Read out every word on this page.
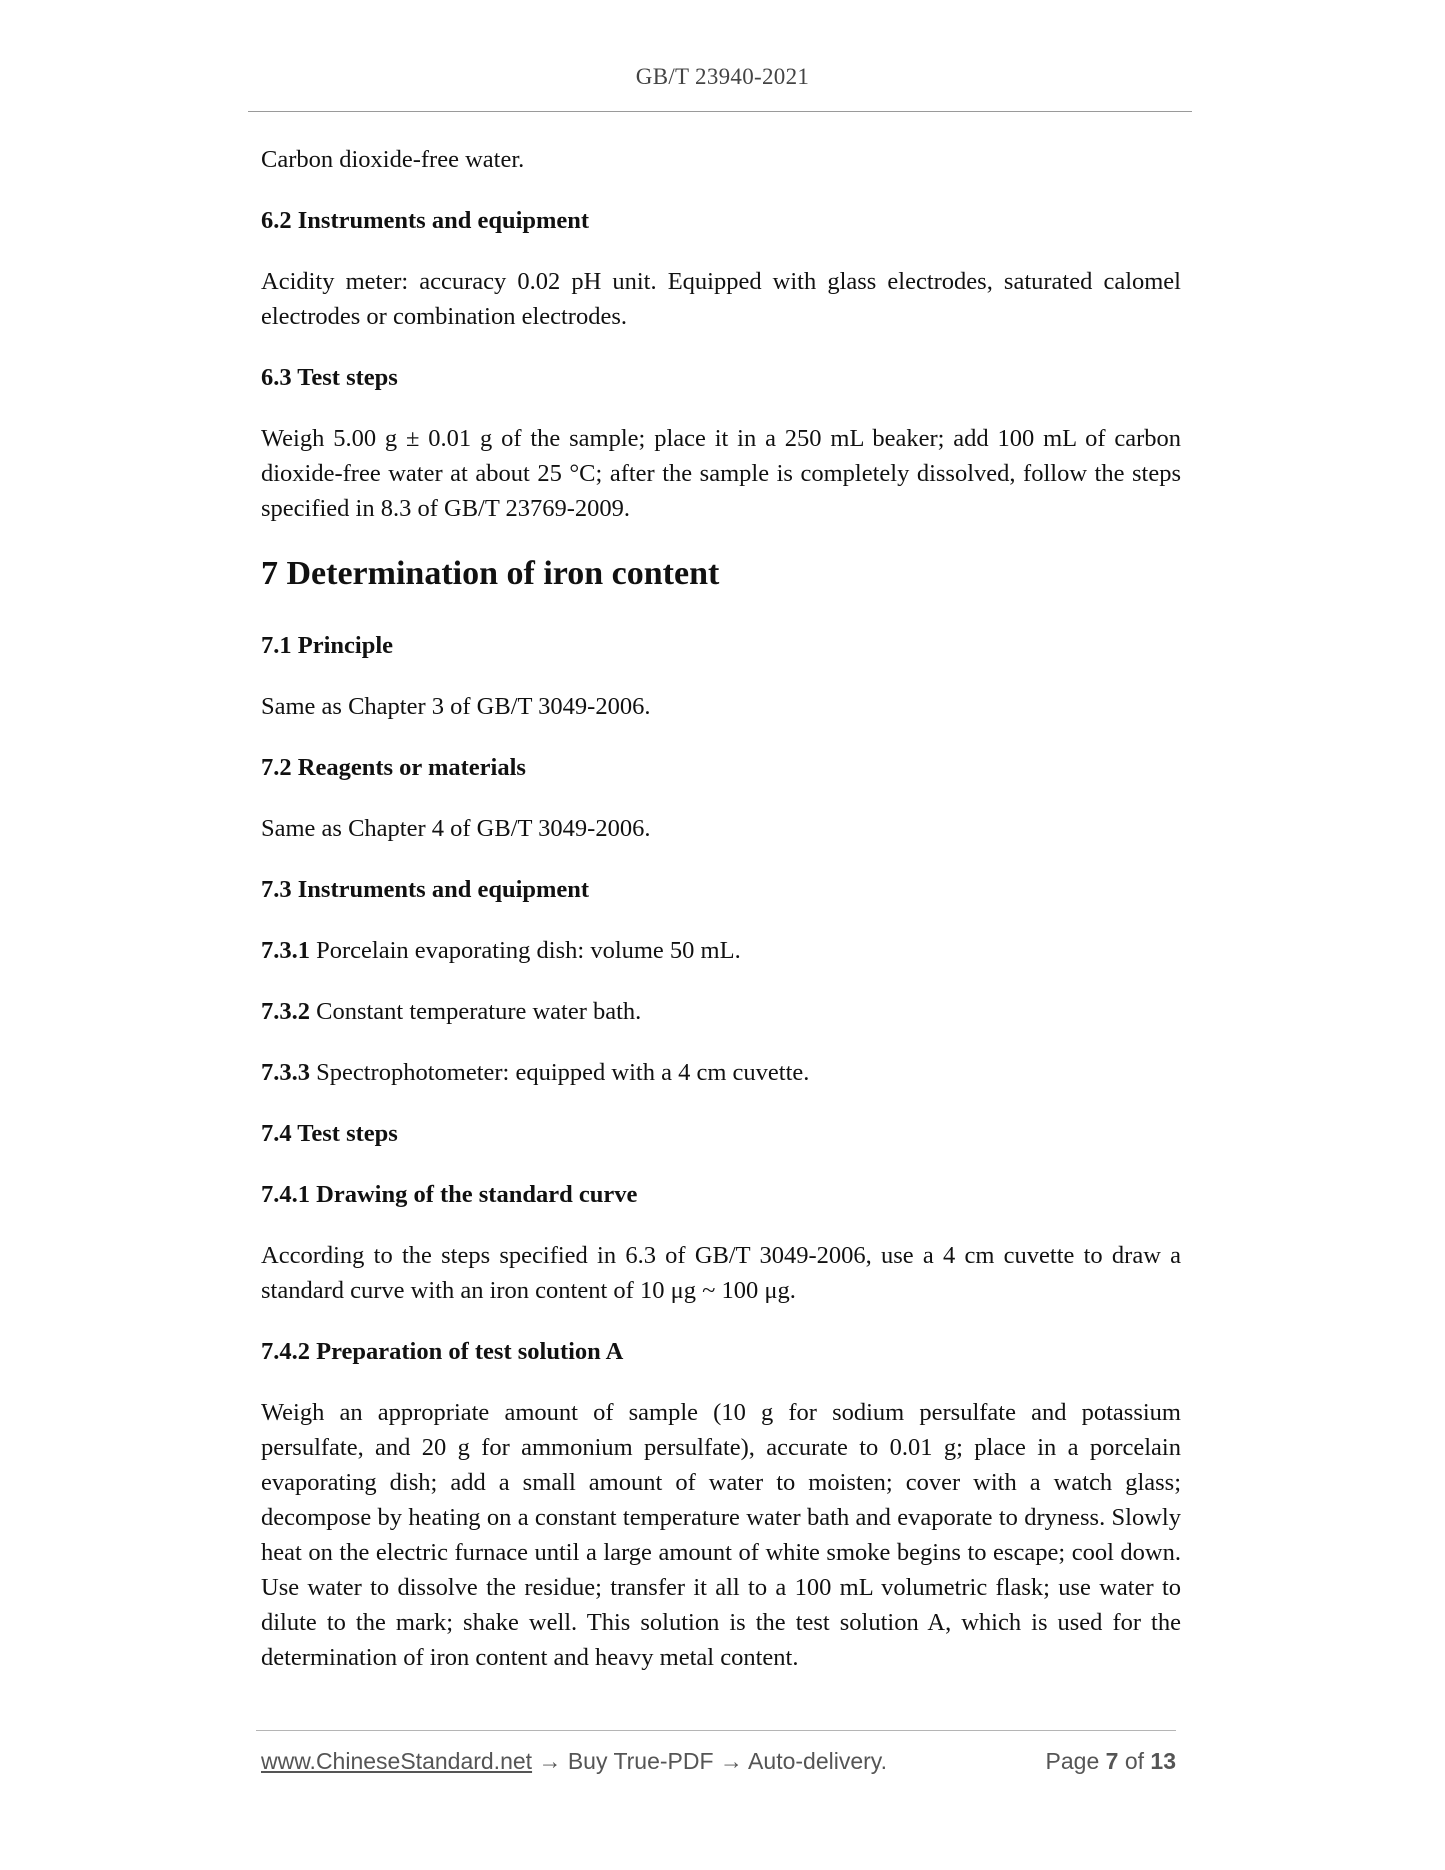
GB/T 23940-2021

Carbon dioxide-free water.

6.2 Instruments and equipment

Acidity meter: accuracy 0.02 pH unit. Equipped with glass electrodes, saturated calomel electrodes or combination electrodes.

6.3 Test steps

Weigh 5.00 g ± 0.01 g of the sample; place it in a 250 mL beaker; add 100 mL of carbon dioxide-free water at about 25 °C; after the sample is completely dissolved, follow the steps specified in 8.3 of GB/T 23769-2009.

7 Determination of iron content

7.1 Principle

Same as Chapter 3 of GB/T 3049-2006.

7.2 Reagents or materials

Same as Chapter 4 of GB/T 3049-2006.

7.3 Instruments and equipment

7.3.1 Porcelain evaporating dish: volume 50 mL.

7.3.2 Constant temperature water bath.

7.3.3 Spectrophotometer: equipped with a 4 cm cuvette.

7.4 Test steps

7.4.1 Drawing of the standard curve

According to the steps specified in 6.3 of GB/T 3049-2006, use a 4 cm cuvette to draw a standard curve with an iron content of 10 μg ~ 100 μg.

7.4.2 Preparation of test solution A

Weigh an appropriate amount of sample (10 g for sodium persulfate and potassium persulfate, and 20 g for ammonium persulfate), accurate to 0.01 g; place in a porcelain evaporating dish; add a small amount of water to moisten; cover with a watch glass; decompose by heating on a constant temperature water bath and evaporate to dryness. Slowly heat on the electric furnace until a large amount of white smoke begins to escape; cool down. Use water to dissolve the residue; transfer it all to a 100 mL volumetric flask; use water to dilute to the mark; shake well. This solution is the test solution A, which is used for the determination of iron content and heavy metal content.

www.ChineseStandard.net → Buy True-PDF → Auto-delivery.	Page 7 of 13
